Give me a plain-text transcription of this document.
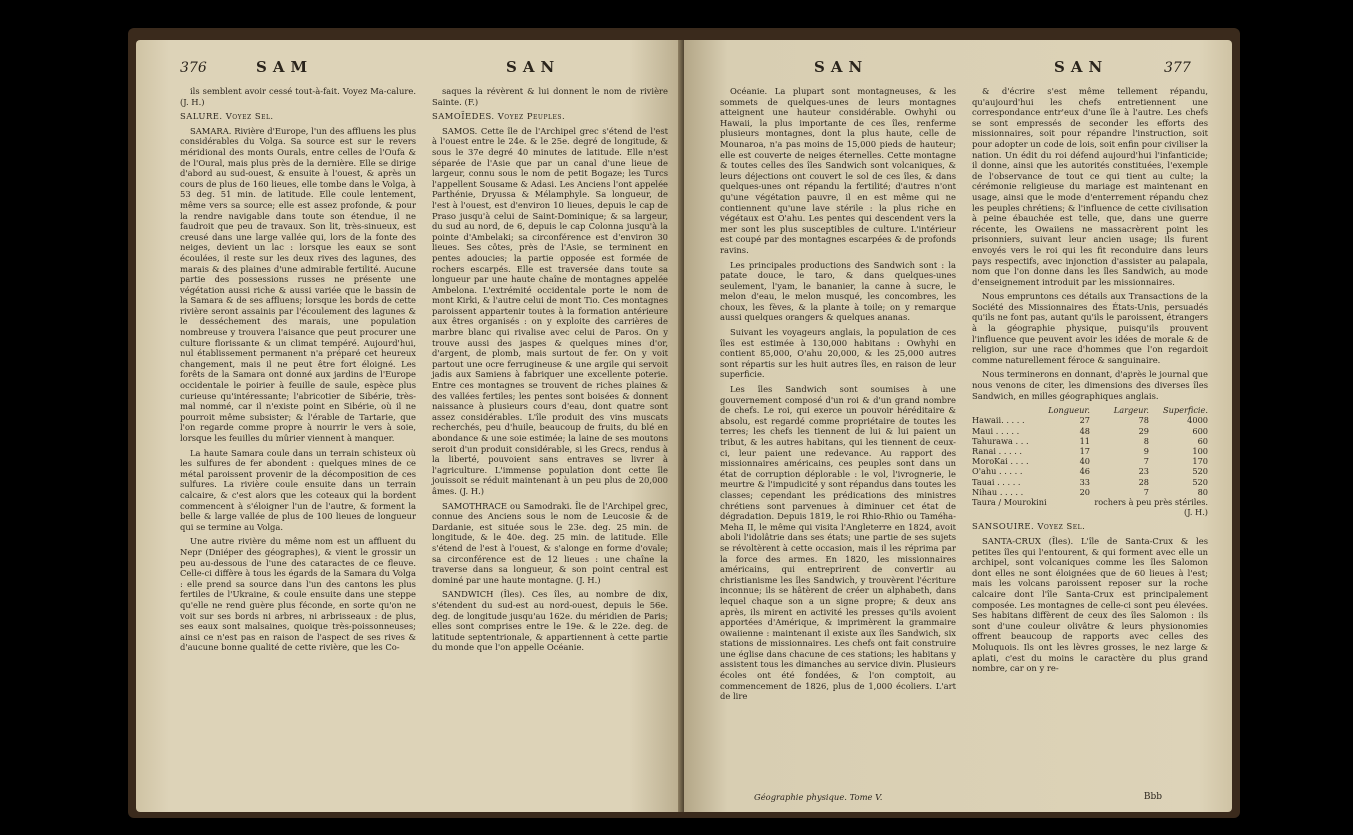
376	SAM	SAN

ils semblent avoir cessé tout-à-fait. Voyez Ma-calure. (J. H.)

SALURE. Voyez Sel.

SAMARA. Rivière d'Europe, l'un des affluens les plus considérables du Volga. Sa source est sur le revers méridional des monts Ourals, entre celles de l'Oufa & de l'Oural, mais plus près de la dernière. Elle se dirige d'abord au sud-ouest, & ensuite à l'ouest, & après un cours de plus de 160 lieues, elle tombe dans le Volga, à 53 deg. 51 min. de latitude. Elle coule lentement, même vers sa source; elle est assez profonde, & pour la rendre navigable dans toute son étendue, il ne faudroit que peu de travaux. Son lit, très-sinueux, est creusé dans une large vallée qui, lors de la fonte des neiges, devient un lac : lorsque les eaux se sont écoulées, il reste sur les deux rives des lagunes, des marais & des plaines d'une admirable fertilité. Aucune partie des possessions russes ne présente une végétation aussi riche & aussi variée que le bassin de la Samara & de ses affluens; lorsque les bords de cette rivière seront assainis par l'écoulement des lagunes & le desséchement des marais, une population nombreuse y trouvera l'aisance que peut procurer une culture florissante & un climat tempéré. Aujourd'hui, nul établissement permanent n'a préparé cet heureux changement, mais il ne peut être fort éloigné. Les forêts de la Samara ont donné aux jardins de l'Europe occidentale le poirier à feuille de saule, espèce plus curieuse qu'intéressante; l'abricotier de Sibérie, très-mal nommé, car il n'existe point en Sibérie, où il ne pourroit même subsister; & l'érable de Tartarie, que l'on regarde comme propre à nourrir le vers à soie, lorsque les feuilles du mûrier viennent à manquer.

La haute Samara coule dans un terrain schisteux où les sulfures de fer abondent : quelques mines de ce métal paroissent provenir de la décomposition de ces sulfures. La rivière coule ensuite dans un terrain calcaire, & c'est alors que les coteaux qui la bordent commencent à s'éloigner l'un de l'autre, & forment la belle & large vallée de plus de 100 lieues de longueur qui se termine au Volga.

Une autre rivière du même nom est un affluent du Nepr (Dniéper des géographes), & vient le grossir un peu au-dessous de l'une des cataractes de ce fleuve. Celle-ci diffère à tous les égards de la Samara du Volga : elle prend sa source dans l'un des cantons les plus fertiles de l'Ukraine, & coule ensuite dans une steppe qu'elle ne rend guère plus féconde, en sorte qu'on ne voit sur ses bords ni arbres, ni arbrisseaux : de plus, ses eaux sont malsaines, quoique très-poissonneuses; ainsi ce n'est pas en raison de l'aspect de ses rives & d'aucune bonne qualité de cette rivière, que les Co-

saques la révèrent & lui donnent le nom de rivière Sainte. (F.)

SAMOÏEDES. Voyez Peuples.

SAMOS. Cette île de l'Archipel grec s'étend de l'est à l'ouest entre le 24e. & le 25e. degré de longitude, & sous le 37e degré 40 minutes de latitude. Elle n'est séparée de l'Asie que par un canal d'une lieue de largeur, connu sous le nom de petit Bogaze; les Turcs l'appellent Sousame & Adasi. Les Anciens l'ont appelée Parthénie, Dryussa & Mélamphyle. Sa longueur, de l'est à l'ouest, est d'environ 10 lieues, depuis le cap de Praso jusqu'à celui de Saint-Dominique; & sa largeur, du sud au nord, de 6, depuis le cap Colonna jusqu'à la pointe d'Ambelaki; sa circonférence est d'environ 30 lieues. Ses côtes, près de l'Asie, se terminent en pentes adoucies; la partie opposée est formée de rochers escarpés. Elle est traversée dans toute sa longueur par une haute chaîne de montagnes appelée Ambelona. L'extrémité occidentale porte le nom de mont Kirki, & l'autre celui de mont Tio. Ces montagnes paroissent appartenir toutes à la formation antérieure aux êtres organisés : on y exploite des carrières de marbre blanc qui rivalise avec celui de Paros. On y trouve aussi des jaspes & quelques mines d'or, d'argent, de plomb, mais surtout de fer. On y voit partout une ocre ferrugineuse & une argile qui servoit jadis aux Samiens à fabriquer une excellente poterie. Entre ces montagnes se trouvent de riches plaines & des vallées fertiles; les pentes sont boisées & donnent naissance à plusieurs cours d'eau, dont quatre sont assez considérables. L'île produit des vins muscats recherchés, peu d'huile, beaucoup de fruits, du blé en abondance & une soie estimée; la laine de ses moutons seroit d'un produit considérable, si les Grecs, rendus à la liberté, pouvoient sans entraves se livrer à l'agriculture. L'immense population dont cette île jouissoit se réduit maintenant à un peu plus de 20,000 âmes. (J. H.)

SAMOTHRACE ou Samodraki. Île de l'Archipel grec, connue des Anciens sous le nom de Leucosie & de Dardanie, est située sous le 23e. deg. 25 min. de longitude, & le 40e. deg. 25 min. de latitude. Elle s'étend de l'est à l'ouest, & s'alonge en forme d'ovale; sa circonférence est de 12 lieues : une chaîne la traverse dans sa longueur, & son point central est dominé par une haute montagne. (J. H.)

SANDWICH (Îles). Ces îles, au nombre de dix, s'étendent du sud-est au nord-ouest, depuis le 56e. deg. de longitude jusqu'au 162e. du méridien de Paris; elles sont comprises entre le 19e. & le 22e. deg. de latitude septentrionale, & appartiennent à cette partie du monde que l'on appelle Océanie.

SAN	SAN	377

Océanie. La plupart sont montagneuses, & les sommets de quelques-unes de leurs montagnes atteignent une hauteur considérable. Owhyhi ou Hawaii, la plus importante de ces îles, renferme plusieurs montagnes, dont la plus haute, celle de Mounaroa, n'a pas moins de 15,000 pieds de hauteur; elle est couverte de neiges éternelles. Cette montagne & toutes celles des îles Sandwich sont volcaniques, & leurs déjections ont couvert le sol de ces îles, & dans quelques-unes ont répandu la fertilité; d'autres n'ont qu'une végétation pauvre, il en est même qui ne contiennent qu'une lave stérile : la plus riche en végétaux est O'ahu. Les pentes qui descendent vers la mer sont les plus susceptibles de culture. L'intérieur est coupé par des montagnes escarpées & de profonds ravins.

Les principales productions des Sandwich sont : la patate douce, le taro, & dans quelques-unes seulement, l'yam, le bananier, la canne à sucre, le melon d'eau, le melon musqué, les concombres, les choux, les fèves, & la plante à toile; on y remarque aussi quelques orangers & quelques ananas.

Suivant les voyageurs anglais, la population de ces îles est estimée à 130,000 habitans : Owhyhi en contient 85,000, O'ahu 20,000, & les 25,000 autres sont répartis sur les huit autres îles, en raison de leur superficie.

Les îles Sandwich sont soumises à une gouvernement composé d'un roi & d'un grand nombre de chefs. Le roi, qui exerce un pouvoir héréditaire & absolu, est regardé comme propriétaire de toutes les terres; les chefs les tiennent de lui & lui paient un tribut, & les autres habitans, qui les tiennent de ceux-ci, leur paient une redevance. Au rapport des missionnaires américains, ces peuples sont dans un état de corruption déplorable : le vol, l'ivrognerie, le meurtre & l'impudicité y sont répandus dans toutes les classes; cependant les prédications des ministres chrétiens sont parvenues à diminuer cet état de dégradation. Depuis 1819, le roi Rhio-Rhio ou Taméha-Meha II, le même qui visita l'Angleterre en 1824, avoit aboli l'idolâtrie dans ses états; une partie de ses sujets se révoltèrent à cette occasion, mais il les réprima par la force des armes. En 1820, les missionnaires américains, qui entreprirent de convertir au christianisme les îles Sandwich, y trouvèrent l'écriture inconnue; ils se hâtèrent de créer un alphabeth, dans lequel chaque son a un signe propre; & deux ans après, ils mirent en activité les presses qu'ils avoient apportées d'Amérique, & imprimèrent la grammaire owaiienne : maintenant il existe aux îles Sandwich, six stations de missionnaires. Les chefs ont fait construire une église dans chacune de ces stations; les habitans y assistent tous les dimanches au service divin. Plusieurs écoles ont été fondées, & l'on comptoit, au commencement de 1826, plus de 1,000 écoliers. L'art de lire

& d'écrire s'est même tellement répandu, qu'aujourd'hui les chefs entretiennent une correspondance entr'eux d'une île à l'autre. Les chefs se sont empressés de seconder les efforts des missionnaires, soit pour répandre l'instruction, soit pour adopter un code de lois, soit enfin pour civiliser la nation. Un édit du roi défend aujourd'hui l'infanticide; il donne, ainsi que les autorités constituées, l'exemple de l'observance de tout ce qui tient au culte; la cérémonie religieuse du mariage est maintenant en usage, ainsi que le mode d'enterrement répandu chez les peuples chrétiens; & l'influence de cette civilisation à peine ébauchée est telle, que, dans une guerre récente, les Owaiiens ne massacrèrent point les prisonniers, suivant leur ancien usage; ils furent envoyés vers le roi qui les fit reconduire dans leurs pays respectifs, avec injonction d'assister au palapala, nom que l'on donne dans les îles Sandwich, au mode d'enseignement introduit par les missionnaires.

Nous empruntons ces détails aux Transactions de la Société des Missionnaires des États-Unis, persuadés qu'ils ne font pas, autant qu'ils le paroissent, étrangers à la géographie physique, puisqu'ils prouvent l'influence que peuvent avoir les idées de morale & de religion, sur une race d'hommes que l'on regardoit comme naturellement féroce & sanguinaire.

Nous terminerons en donnant, d'après le journal que nous venons de citer, les dimensions des diverses îles Sandwich, en milles géographiques anglais.

Longueur.	Largeur.	Superficie.
Hawaii. . . . .	27	78	4000
Maui . . . . .	48	29	600
Tahurawa . . .	11	8	60
Ranai . . . . .	17	9	100
MoroKai . . . .	40	7	170
O'ahu . . . . .	46	23	520
Tauai . . . . .	33	28	520
Nihau . . . . .	20	7	80
Taura / Mourokini	rochers à peu près stériles. (J. H.)

SANSOUIRE. Voyez Sel.

SANTA-CRUX (Îles). L'île de Santa-Crux & les petites îles qui l'entourent, & qui forment avec elle un archipel, sont volcaniques comme les îles Salomon dont elles ne sont éloignées que de 60 lieues à l'est; mais les volcans paroissent reposer sur la roche calcaire dont l'île Santa-Crux est principalement composée. Les montagnes de celle-ci sont peu élevées. Ses habitans diffèrent de ceux des îles Salomon : ils sont d'une couleur olivâtre & leurs physionomies offrent beaucoup de rapports avec celles des Moluquois. Ils ont les lèvres grosses, le nez large & aplati, c'est du moins le caractère du plus grand nombre, car on y re-

Géographie physique. Tome V.	Bbb
